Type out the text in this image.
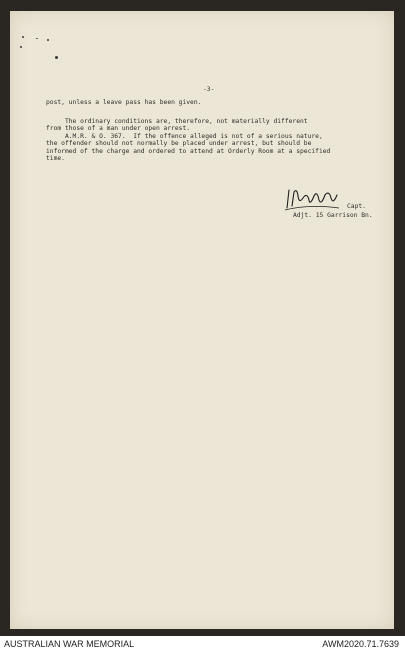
-3-
post, unless a leave pass has been given.
The ordinary conditions are, therefore, not materially different
from those of a man under open arrest.
A.M.R. & O. 367.  If the offence alleged is not of a serious nature,
the offender should not normally be placed under arrest, but should be
informed of the charge and ordered to attend at Orderly Room at a specified
time.
Capt.
Adjt. 15 Garrison Bn.
AUSTRALIAN WAR MEMORIAL	AWM2020.71.7639
